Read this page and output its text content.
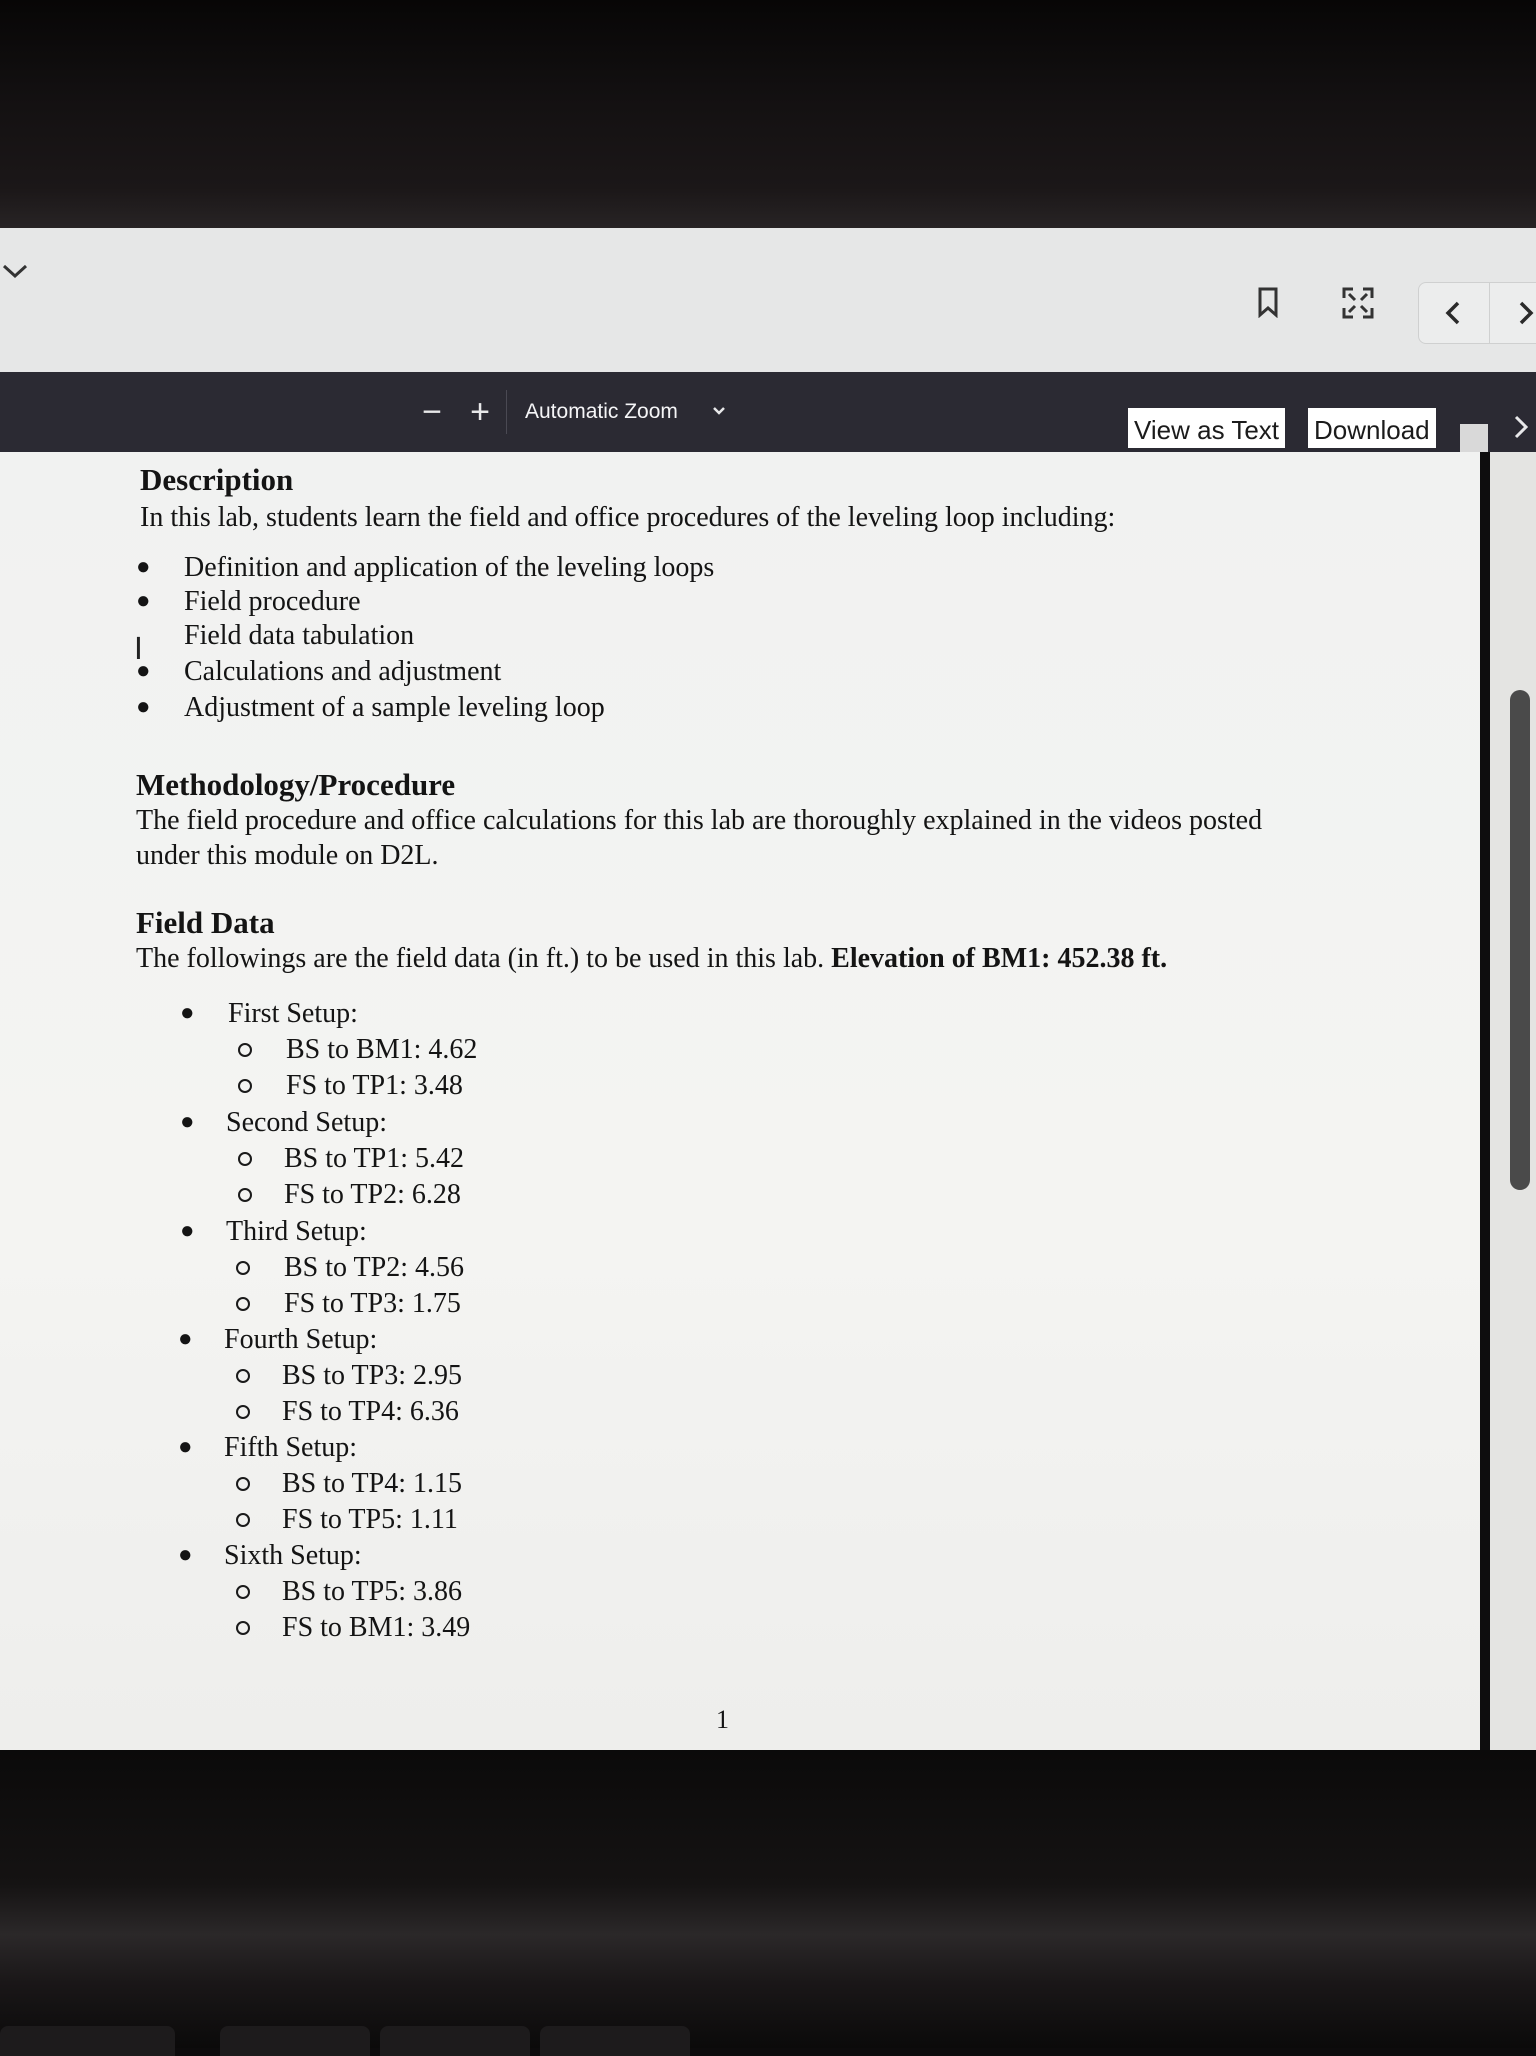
− +	Automatic Zoom
View as Text	Download
Description
In this lab, students learn the field and office procedures of the leveling loop including:
● Definition and application of the leveling loops
● Field procedure
Field data tabulation
● Calculations and adjustment
● Adjustment of a sample leveling loop
Methodology/Procedure
The field procedure and office calculations for this lab are thoroughly explained in the videos posted
under this module on D2L.
Field Data
The followings are the field data (in ft.) to be used in this lab. Elevation of BM1: 452.38 ft.
● First Setup:
BS to BM1: 4.62
FS to TP1: 3.48
● Second Setup:
BS to TP1: 5.42
FS to TP2: 6.28
● Third Setup:
BS to TP2: 4.56
FS to TP3: 1.75
● Fourth Setup:
BS to TP3: 2.95
FS to TP4: 6.36
● Fifth Setup:
BS to TP4: 1.15
FS to TP5: 1.11
● Sixth Setup:
BS to TP5: 3.86
FS to BM1: 3.49
I
1
